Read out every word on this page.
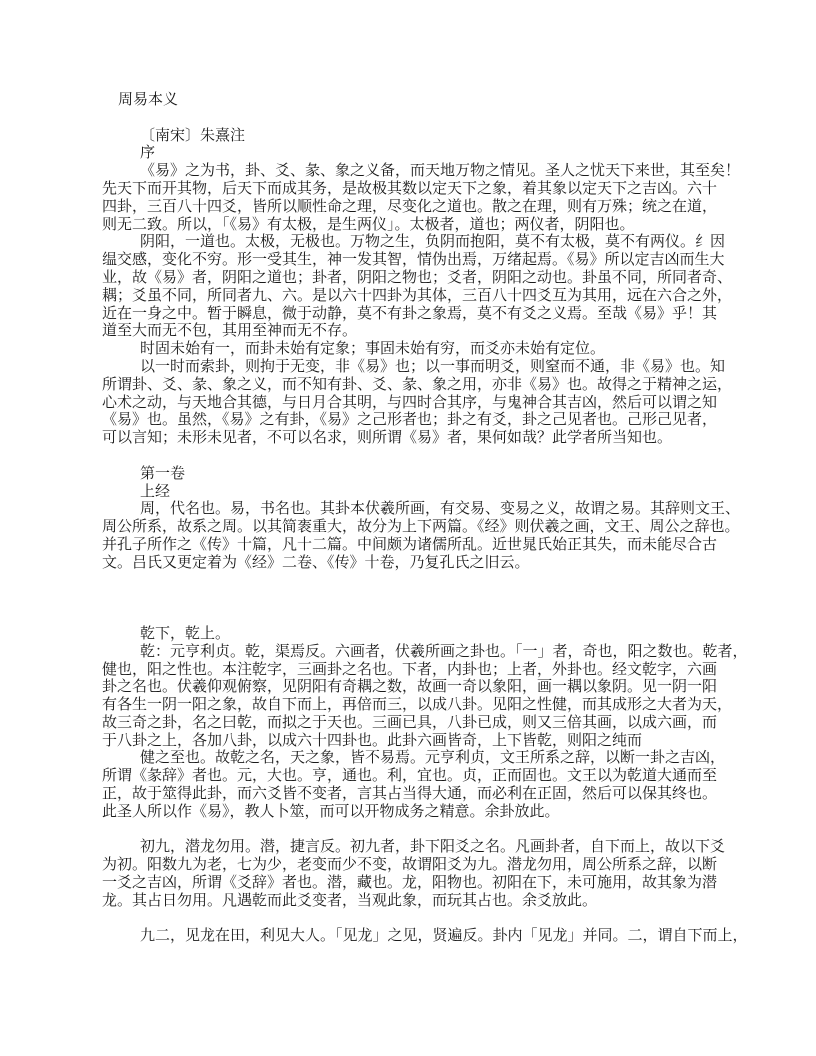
周易本义

〔南宋〕朱熹注
序
《易》之为书，卦、爻、彖、象之义备，而天地万物之情见。圣人之忧天下来世，其至矣！
先天下而开其物，后天下而成其务，是故极其数以定天下之象，着其象以定天下之吉凶。六十
四卦，三百八十四爻，皆所以顺性命之理，尽变化之道也。散之在理，则有万殊；统之在道，
则无二致。所以，「《易》有太极，是生两仪」。太极者，道也；两仪者，阴阳也。
阴阳，一道也。太极，无极也。万物之生，负阴而抱阳，莫不有太极，莫不有两仪。纟因
缊交感，变化不穷。形一受其生，神一发其智，情伪出焉，万绪起焉。《易》所以定吉凶而生大
业，故《易》者，阴阳之道也；卦者，阴阳之物也；爻者，阴阳之动也。卦虽不同，所同者奇、
耦；爻虽不同，所同者九、六。是以六十四卦为其体，三百八十四爻互为其用，远在六合之外，
近在一身之中。暂于瞬息，微于动静，莫不有卦之象焉，莫不有爻之义焉。至哉《易》乎！其
道至大而无不包，其用至神而无不存。
时固未始有一，而卦未始有定象；事固未始有穷，而爻亦未始有定位。
以一时而索卦，则拘于无变，非《易》也；以一事而明爻，则窒而不通，非《易》也。知
所谓卦、爻、彖、象之义，而不知有卦、爻、彖、象之用，亦非《易》也。故得之于精神之运，
心术之动，与天地合其德，与日月合其明，与四时合其序，与鬼神合其吉凶，然后可以谓之知
《易》也。虽然，《易》之有卦，《易》之己形者也；卦之有爻，卦之己见者也。己形己见者，
可以言知；未形未见者，不可以名求，则所谓《易》者，果何如哉？此学者所当知也。

第一卷
上经
周，代名也。易，书名也。其卦本伏羲所画，有交易、变易之义，故谓之易。其辞则文王、
周公所系，故系之周。以其简袠重大，故分为上下两篇。《经》则伏羲之画，文王、周公之辞也。
并孔子所作之《传》十篇，凡十二篇。中间颇为诸儒所乱。近世晁氏始正其失，而未能尽合古
文。吕氏又更定着为《经》二卷、《传》十卷，乃复孔氏之旧云。

乾下，乾上。
乾：元亨利贞。乾，渠焉反。六画者，伏羲所画之卦也。「一」者，奇也，阳之数也。乾者，
健也，阳之性也。本注乾字，三画卦之名也。下者，内卦也；上者，外卦也。经文乾字，六画
卦之名也。伏羲仰观俯察，见阴阳有奇耦之数，故画一奇以象阳，画一耦以象阴。见一阴一阳
有各生一阴一阳之象，故自下而上，再倍而三，以成八卦。见阳之性健，而其成形之大者为天，
故三奇之卦，名之曰乾，而拟之于天也。三画已具，八卦已成，则又三倍其画，以成六画，而
于八卦之上，各加八卦，以成六十四卦也。此卦六画皆奇，上下皆乾，则阳之纯而
健之至也。故乾之名，天之象，皆不易焉。元亨利贞，文王所系之辞，以断一卦之吉凶，
所谓《彖辞》者也。元，大也。亨，通也。利，宜也。贞，正而固也。文王以为乾道大通而至
正，故于筮得此卦，而六爻皆不变者，言其占当得大通，而必利在正固，然后可以保其终也。
此圣人所以作《易》，教人卜筮，而可以开物成务之精意。余卦放此。

初九，潜龙勿用。潜，捷言反。初九者，卦下阳爻之名。凡画卦者，自下而上，故以下爻
为初。阳数九为老，七为少，老变而少不变，故谓阳爻为九。潜龙勿用，周公所系之辞，以断
一爻之吉凶，所谓《爻辞》者也。潜，藏也。龙，阳物也。初阳在下，未可施用，故其象为潜
龙。其占日勿用。凡遇乾而此爻变者，当观此象，而玩其占也。余爻放此。

九二，见龙在田，利见大人。「见龙」之见，贤遍反。卦内「见龙」并同。二，谓自下而上，
